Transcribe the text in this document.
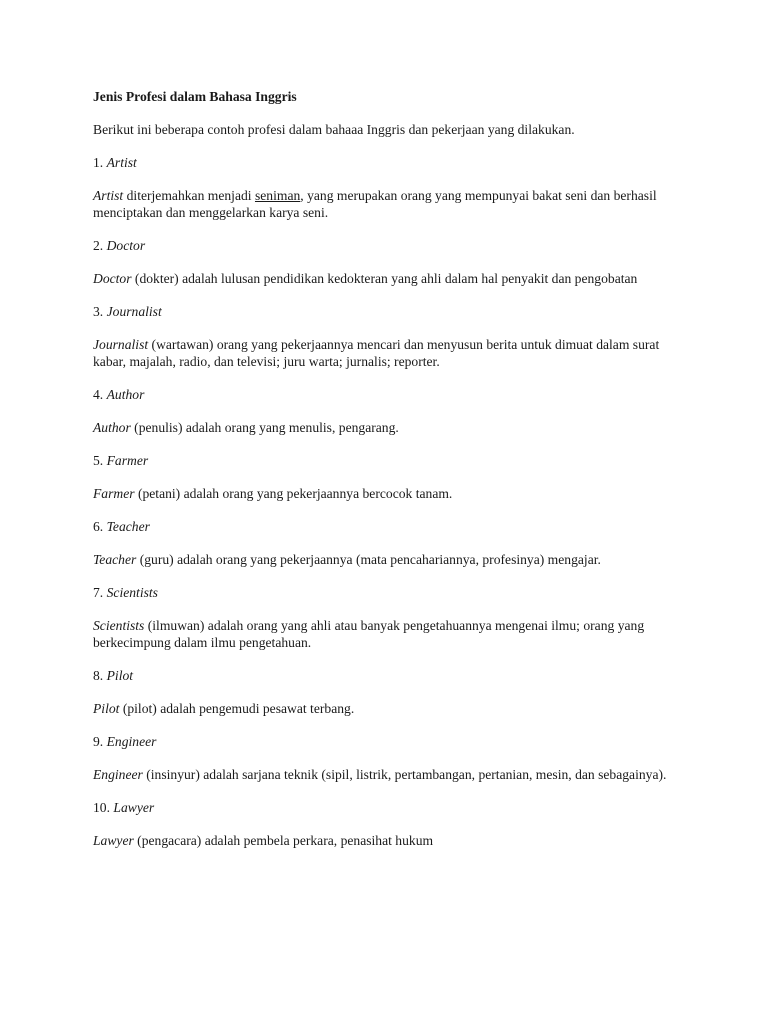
Jenis Profesi dalam Bahasa Inggris

Berikut ini beberapa contoh profesi dalam bahaaa Inggris dan pekerjaan yang dilakukan.

1. Artist

Artist diterjemahkan menjadi seniman, yang merupakan orang yang mempunyai bakat seni dan berhasil menciptakan dan menggelarkan karya seni.

2. Doctor

Doctor (dokter) adalah lulusan pendidikan kedokteran yang ahli dalam hal penyakit dan pengobatan

3. Journalist

Journalist (wartawan) orang yang pekerjaannya mencari dan menyusun berita untuk dimuat dalam surat kabar, majalah, radio, dan televisi; juru warta; jurnalis; reporter.

4. Author

Author (penulis) adalah orang yang menulis, pengarang.

5. Farmer

Farmer (petani) adalah orang yang pekerjaannya bercocok tanam.

6. Teacher

Teacher (guru) adalah orang yang pekerjaannya (mata pencahariannya, profesinya) mengajar.

7. Scientists

Scientists (ilmuwan) adalah orang yang ahli atau banyak pengetahuannya mengenai ilmu; orang yang berkecimpung dalam ilmu pengetahuan.

8. Pilot

Pilot (pilot) adalah pengemudi pesawat terbang.

9. Engineer

Engineer (insinyur) adalah sarjana teknik (sipil, listrik, pertambangan, pertanian, mesin, dan sebagainya).

10. Lawyer

Lawyer (pengacara) adalah pembela perkara, penasihat hukum
